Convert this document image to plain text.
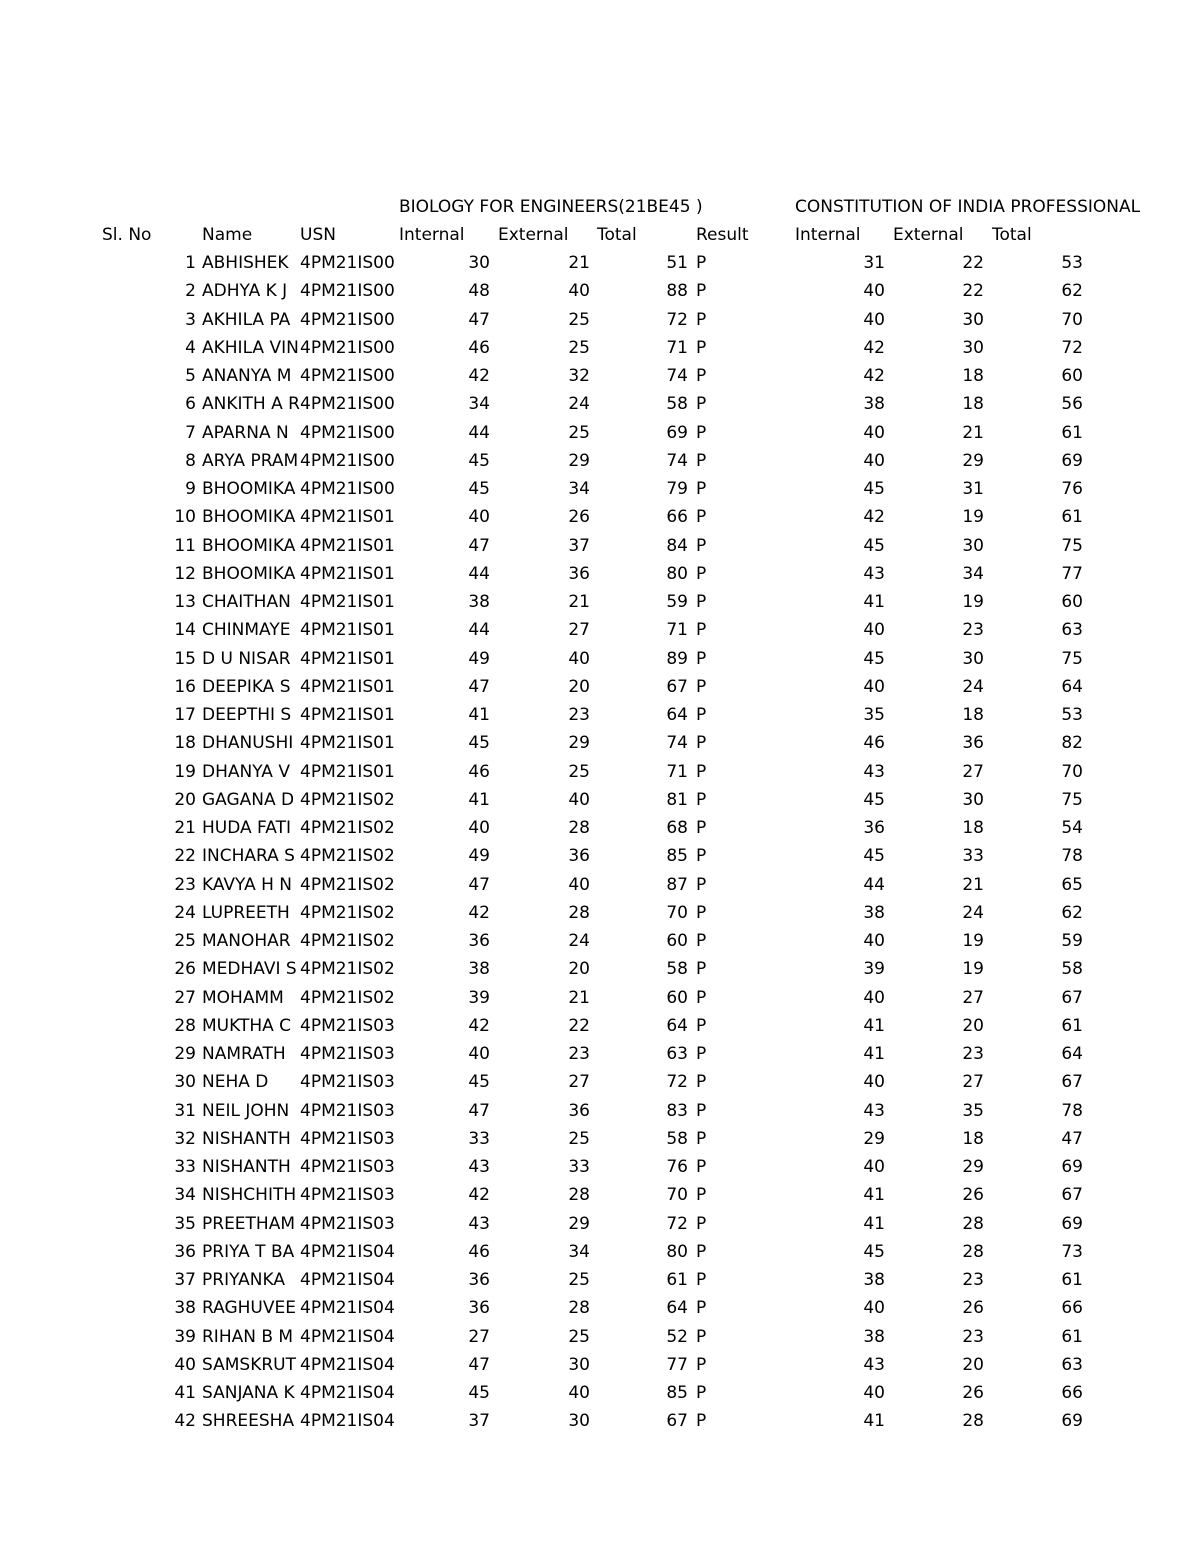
BIOLOGY FOR ENGINEERS(21BE45 )	CONSTITUTION OF INDIA PROFESSIONAL
Sl. No	Name	USN	Internal	External	Total	Result	Internal	External	Total
1 ABHISHEK 4PM21IS00	30	21	51 P	31	22	53
2 ADHYA K J 4PM21IS00	48	40	88 P	40	22	62
3 AKHILA PA 4PM21IS00	47	25	72 P	40	30	70
4 AKHILA VIN 4PM21IS00	46	25	71 P	42	30	72
5 ANANYA M 4PM21IS00	42	32	74 P	42	18	60
6 ANKITH A R 4PM21IS00	34	24	58 P	38	18	56
7 APARNA N 4PM21IS00	44	25	69 P	40	21	61
8 ARYA PRAM 4PM21IS00	45	29	74 P	40	29	69
9 BHOOMIKA 4PM21IS00	45	34	79 P	45	31	76
10 BHOOMIKA 4PM21IS01	40	26	66 P	42	19	61
11 BHOOMIKA 4PM21IS01	47	37	84 P	45	30	75
12 BHOOMIKA 4PM21IS01	44	36	80 P	43	34	77
13 CHAITHAN 4PM21IS01	38	21	59 P	41	19	60
14 CHINMAYE 4PM21IS01	44	27	71 P	40	23	63
15 D U NISAR 4PM21IS01	49	40	89 P	45	30	75
16 DEEPIKA S 4PM21IS01	47	20	67 P	40	24	64
17 DEEPTHI S 4PM21IS01	41	23	64 P	35	18	53
18 DHANUSHI 4PM21IS01	45	29	74 P	46	36	82
19 DHANYA V 4PM21IS01	46	25	71 P	43	27	70
20 GAGANA D 4PM21IS02	41	40	81 P	45	30	75
21 HUDA FATI 4PM21IS02	40	28	68 P	36	18	54
22 INCHARA S 4PM21IS02	49	36	85 P	45	33	78
23 KAVYA H N 4PM21IS02	47	40	87 P	44	21	65
24 LUPREETH 4PM21IS02	42	28	70 P	38	24	62
25 MANOHAR 4PM21IS02	36	24	60 P	40	19	59
26 MEDHAVI S 4PM21IS02	38	20	58 P	39	19	58
27 MOHAMM 4PM21IS02	39	21	60 P	40	27	67
28 MUKTHA C 4PM21IS03	42	22	64 P	41	20	61
29 NAMRATH 4PM21IS03	40	23	63 P	41	23	64
30 NEHA D	4PM21IS03	45	27	72 P	40	27	67
31 NEIL JOHN 4PM21IS03	47	36	83 P	43	35	78
32 NISHANTH 4PM21IS03	33	25	58 P	29	18	47
33 NISHANTH 4PM21IS03	43	33	76 P	40	29	69
34 NISHCHITH 4PM21IS03	42	28	70 P	41	26	67
35 PREETHAM 4PM21IS03	43	29	72 P	41	28	69
36 PRIYA T BA 4PM21IS04	46	34	80 P	45	28	73
37 PRIYANKA 4PM21IS04	36	25	61 P	38	23	61
38 RAGHUVEE 4PM21IS04	36	28	64 P	40	26	66
39 RIHAN B M 4PM21IS04	27	25	52 P	38	23	61
40 SAMSKRUT 4PM21IS04	47	30	77 P	43	20	63
41 SANJANA K 4PM21IS04	45	40	85 P	40	26	66
42 SHREESHA 4PM21IS04	37	30	67 P	41	28	69
